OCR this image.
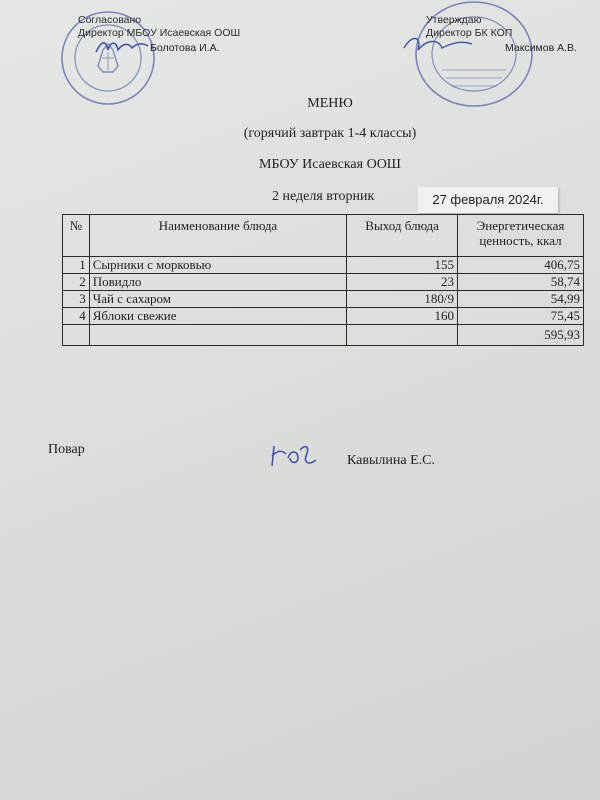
Согласовано
Директор МБОУ Исаевская ООШ
Болотова И.А.
Утверждаю
Директор БК КОП
Максимов А.В.
МЕНЮ
(горячий завтрак 1-4 классы)
МБОУ Исаевская ООШ
2 неделя вторник	27 февраля 2024г.
№	Наименование блюда	Выход блюда	Энергетическая ценность, ккал
1	Сырники с морковью	155	406,75
2	Повидло	23	58,74
3	Чай с сахаром	180/9	54,99
4	Яблоки свежие	160	75,45
			595,93
Повар
Кавылина Е.С.
